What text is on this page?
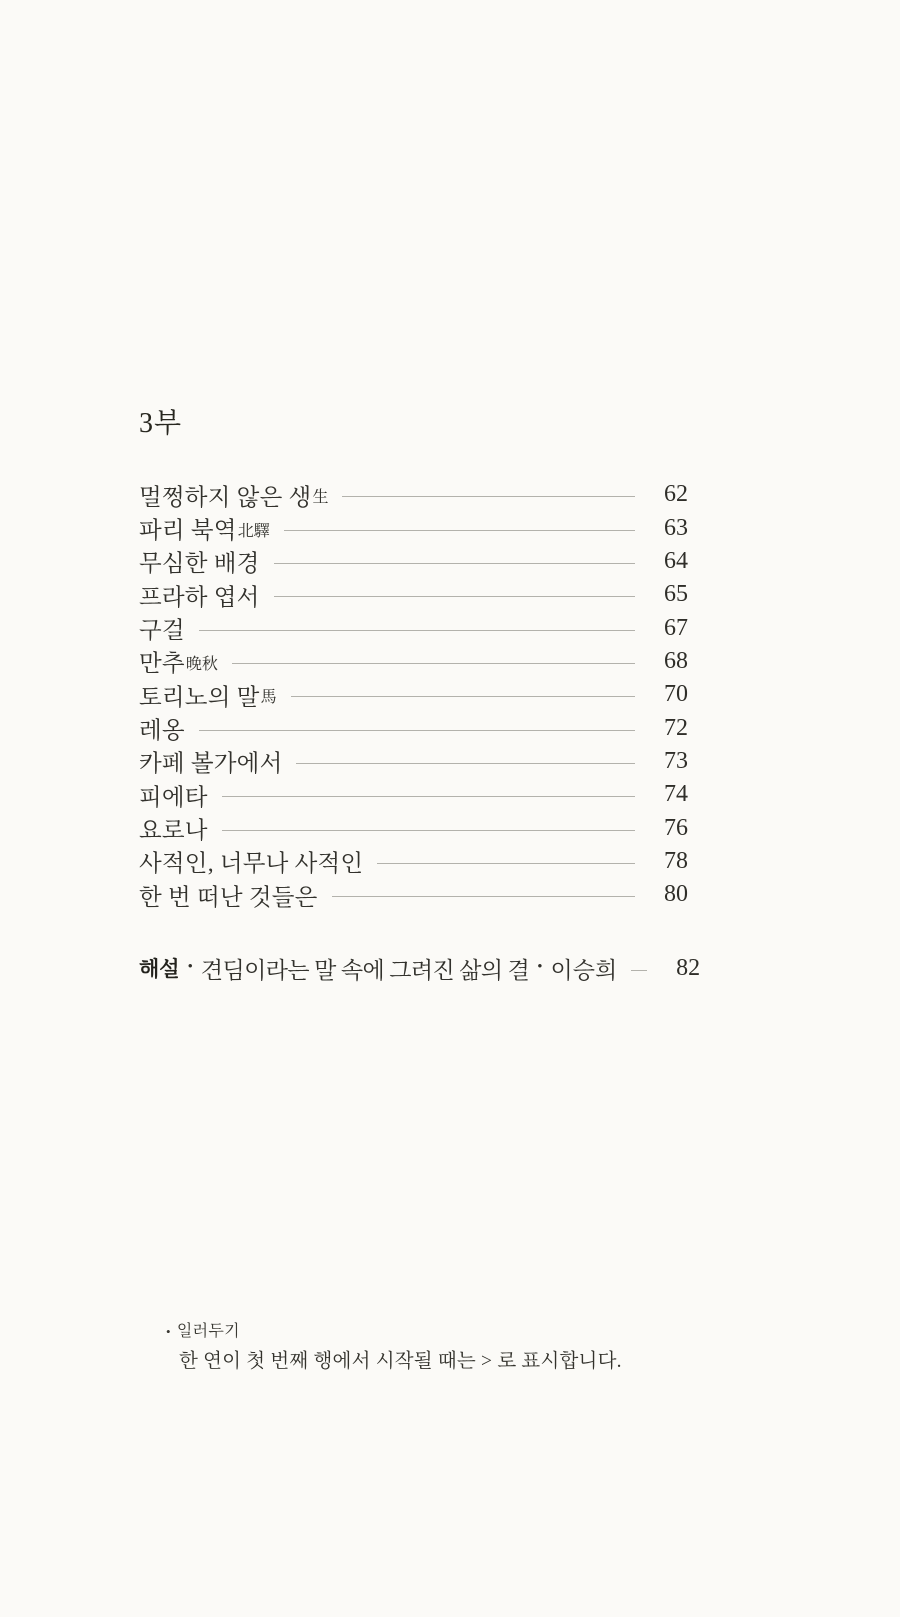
3부
멀쩡하지 않은 생 生	62
파리 북역 北驛	63
무심한 배경	64
프라하 엽서	65
구걸	67
만추 晚秋	68
토리노의 말 馬	70
레옹	72
카페 볼가에서	73
피에타	74
요로나	76
사적인, 너무나 사적인	78
한 번 떠난 것들은	80
해설 • 견딤이라는 말 속에 그려진 삶의 결 • 이승희	82
• 일러두기
한 연이 첫 번째 행에서 시작될 때는 > 로 표시합니다.
